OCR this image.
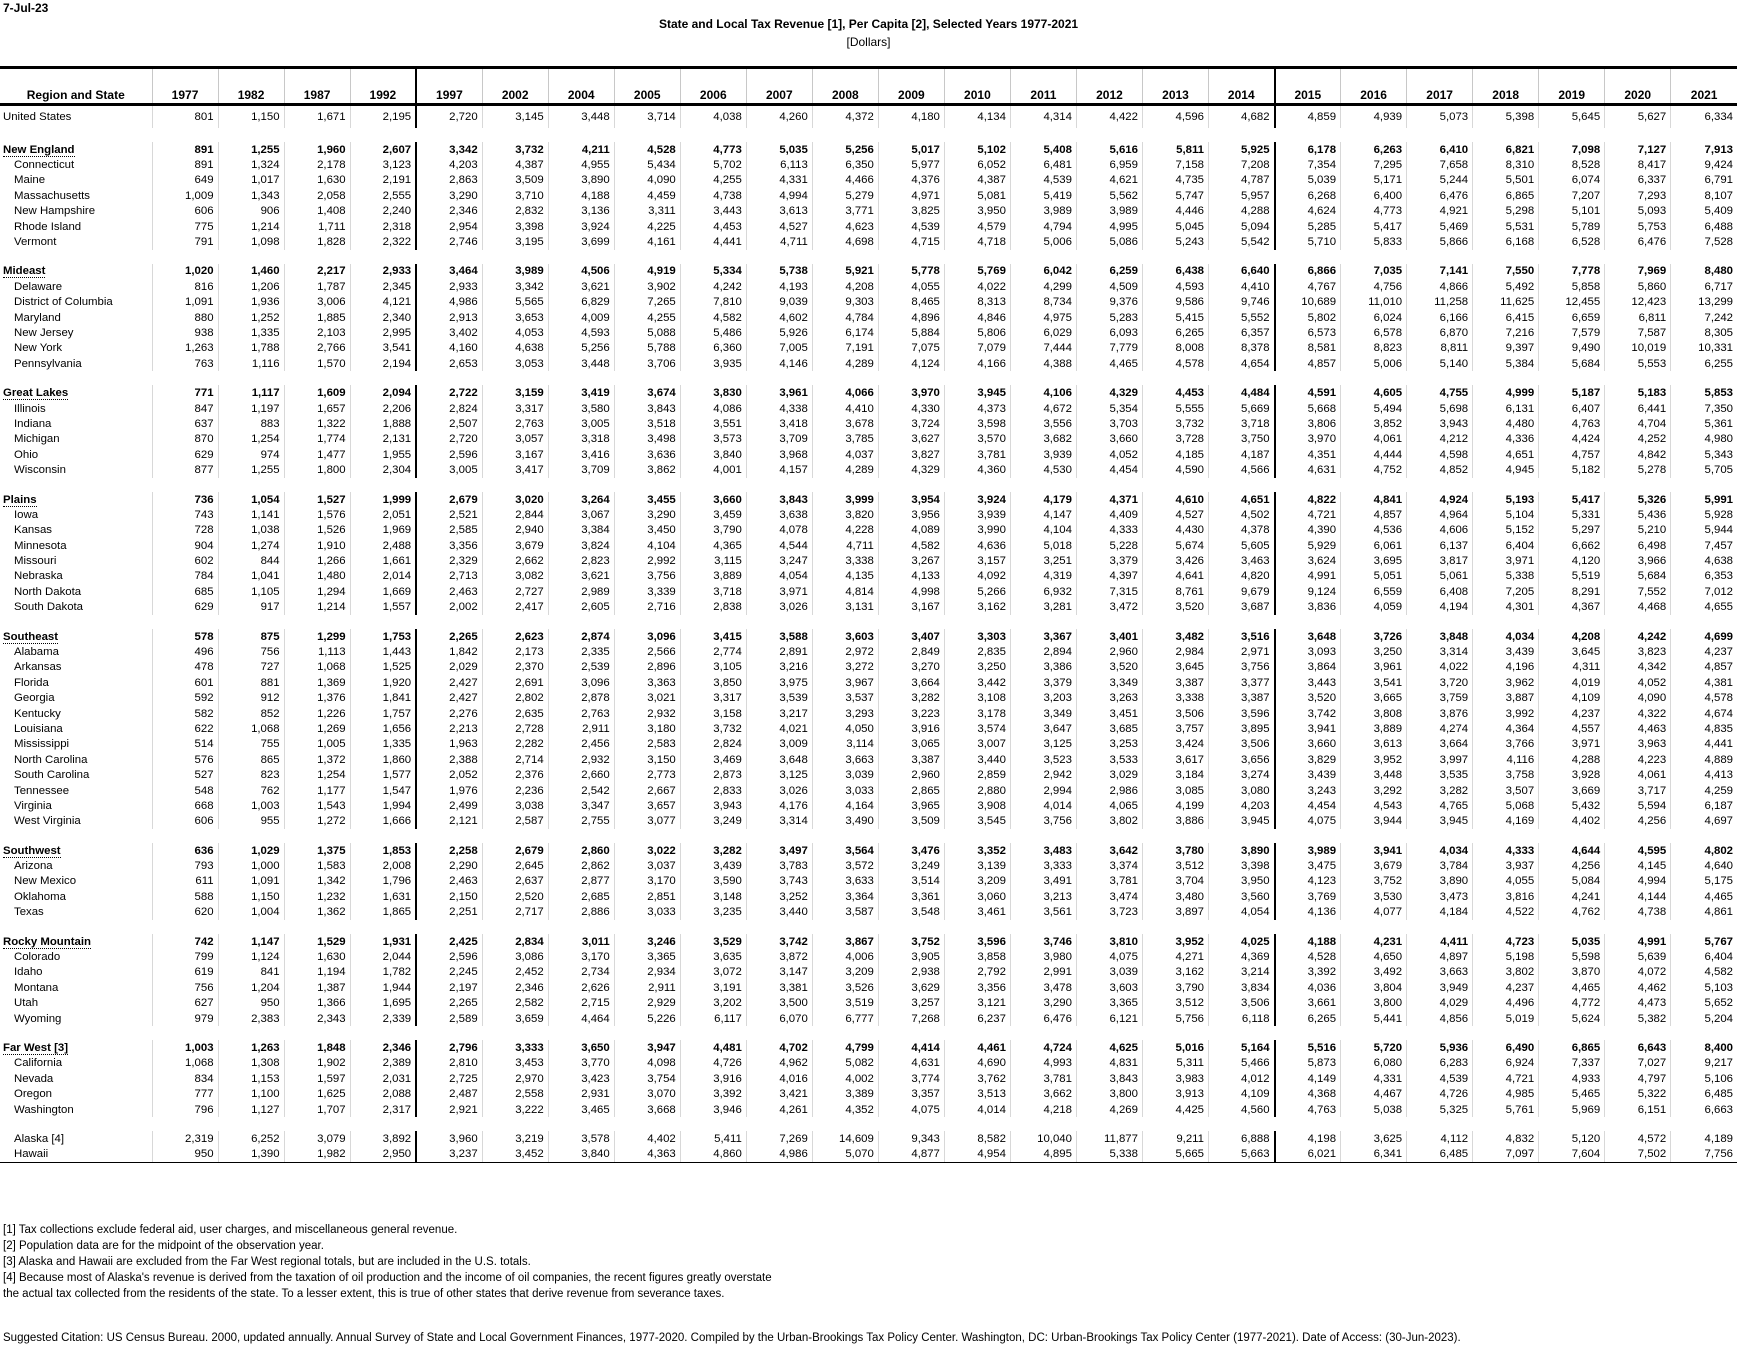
7-Jul-23
State and Local Tax Revenue [1], Per Capita [2], Selected Years 1977-2021
[Dollars]
Region and State	1977	1982	1987	1992	1997	2002	2004	2005	2006	2007	2008	2009	2010	2011	2012	2013	2014	2015	2016	2017	2018	2019	2020	2021
United States	801	1,150	1,671	2,195	2,720	3,145	3,448	3,714	4,038	4,260	4,372	4,180	4,134	4,314	4,422	4,596	4,682	4,859	4,939	5,073	5,398	5,645	5,627	6,334

New England	891	1,255	1,960	2,607	3,342	3,732	4,211	4,528	4,773	5,035	5,256	5,017	5,102	5,408	5,616	5,811	5,925	6,178	6,263	6,410	6,821	7,098	7,127	7,913
Connecticut	891	1,324	2,178	3,123	4,203	4,387	4,955	5,434	5,702	6,113	6,350	5,977	6,052	6,481	6,959	7,158	7,208	7,354	7,295	7,658	8,310	8,528	8,417	9,424
Maine	649	1,017	1,630	2,191	2,863	3,509	3,890	4,090	4,255	4,331	4,466	4,376	4,387	4,539	4,621	4,735	4,787	5,039	5,171	5,244	5,501	6,074	6,337	6,791
Massachusetts	1,009	1,343	2,058	2,555	3,290	3,710	4,188	4,459	4,738	4,994	5,279	4,971	5,081	5,419	5,562	5,747	5,957	6,268	6,400	6,476	6,865	7,207	7,293	8,107
New Hampshire	606	906	1,408	2,240	2,346	2,832	3,136	3,311	3,443	3,613	3,771	3,825	3,950	3,989	3,989	4,446	4,288	4,624	4,773	4,921	5,298	5,101	5,093	5,409
Rhode Island	775	1,214	1,711	2,318	2,954	3,398	3,924	4,225	4,453	4,527	4,623	4,539	4,579	4,794	4,995	5,045	5,094	5,285	5,417	5,469	5,531	5,789	5,753	6,488
Vermont	791	1,098	1,828	2,322	2,746	3,195	3,699	4,161	4,441	4,711	4,698	4,715	4,718	5,006	5,086	5,243	5,542	5,710	5,833	5,866	6,168	6,528	6,476	7,528

Mideast	1,020	1,460	2,217	2,933	3,464	3,989	4,506	4,919	5,334	5,738	5,921	5,778	5,769	6,042	6,259	6,438	6,640	6,866	7,035	7,141	7,550	7,778	7,969	8,480
Delaware	816	1,206	1,787	2,345	2,933	3,342	3,621	3,902	4,242	4,193	4,208	4,055	4,022	4,299	4,509	4,593	4,410	4,767	4,756	4,866	5,492	5,858	5,860	6,717
District of Columbia	1,091	1,936	3,006	4,121	4,986	5,565	6,829	7,265	7,810	9,039	9,303	8,465	8,313	8,734	9,376	9,586	9,746	10,689	11,010	11,258	11,625	12,455	12,423	13,299
Maryland	880	1,252	1,885	2,340	2,913	3,653	4,009	4,255	4,582	4,602	4,784	4,896	4,846	4,975	5,283	5,415	5,552	5,802	6,024	6,166	6,415	6,659	6,811	7,242
New Jersey	938	1,335	2,103	2,995	3,402	4,053	4,593	5,088	5,486	5,926	6,174	5,884	5,806	6,029	6,093	6,265	6,357	6,573	6,578	6,870	7,216	7,579	7,587	8,305
New York	1,263	1,788	2,766	3,541	4,160	4,638	5,256	5,788	6,360	7,005	7,191	7,075	7,079	7,444	7,779	8,008	8,378	8,581	8,823	8,811	9,397	9,490	10,019	10,331
Pennsylvania	763	1,116	1,570	2,194	2,653	3,053	3,448	3,706	3,935	4,146	4,289	4,124	4,166	4,388	4,465	4,578	4,654	4,857	5,006	5,140	5,384	5,684	5,553	6,255

Great Lakes	771	1,117	1,609	2,094	2,722	3,159	3,419	3,674	3,830	3,961	4,066	3,970	3,945	4,106	4,329	4,453	4,484	4,591	4,605	4,755	4,999	5,187	5,183	5,853
Illinois	847	1,197	1,657	2,206	2,824	3,317	3,580	3,843	4,086	4,338	4,410	4,330	4,373	4,672	5,354	5,555	5,669	5,668	5,494	5,698	6,131	6,407	6,441	7,350
Indiana	637	883	1,322	1,888	2,507	2,763	3,005	3,518	3,551	3,418	3,678	3,724	3,598	3,556	3,703	3,732	3,718	3,806	3,852	3,943	4,480	4,763	4,704	5,361
Michigan	870	1,254	1,774	2,131	2,720	3,057	3,318	3,498	3,573	3,709	3,785	3,627	3,570	3,682	3,660	3,728	3,750	3,970	4,061	4,212	4,336	4,424	4,252	4,980
Ohio	629	974	1,477	1,955	2,596	3,167	3,416	3,636	3,840	3,968	4,037	3,827	3,781	3,939	4,052	4,185	4,187	4,351	4,444	4,598	4,651	4,757	4,842	5,343
Wisconsin	877	1,255	1,800	2,304	3,005	3,417	3,709	3,862	4,001	4,157	4,289	4,329	4,360	4,530	4,454	4,590	4,566	4,631	4,752	4,852	4,945	5,182	5,278	5,705

Plains	736	1,054	1,527	1,999	2,679	3,020	3,264	3,455	3,660	3,843	3,999	3,954	3,924	4,179	4,371	4,610	4,651	4,822	4,841	4,924	5,193	5,417	5,326	5,991
Iowa	743	1,141	1,576	2,051	2,521	2,844	3,067	3,290	3,459	3,638	3,820	3,956	3,939	4,147	4,409	4,527	4,502	4,721	4,857	4,964	5,104	5,331	5,436	5,928
Kansas	728	1,038	1,526	1,969	2,585	2,940	3,384	3,450	3,790	4,078	4,228	4,089	3,990	4,104	4,333	4,430	4,378	4,390	4,536	4,606	5,152	5,297	5,210	5,944
Minnesota	904	1,274	1,910	2,488	3,356	3,679	3,824	4,104	4,365	4,544	4,711	4,582	4,636	5,018	5,228	5,674	5,605	5,929	6,061	6,137	6,404	6,662	6,498	7,457
Missouri	602	844	1,266	1,661	2,329	2,662	2,823	2,992	3,115	3,247	3,338	3,267	3,157	3,251	3,379	3,426	3,463	3,624	3,695	3,817	3,971	4,120	3,966	4,638
Nebraska	784	1,041	1,480	2,014	2,713	3,082	3,621	3,756	3,889	4,054	4,135	4,133	4,092	4,319	4,397	4,641	4,820	4,991	5,051	5,061	5,338	5,519	5,684	6,353
North Dakota	685	1,105	1,294	1,669	2,463	2,727	2,989	3,339	3,718	3,971	4,814	4,998	5,266	6,932	7,315	8,761	9,679	9,124	6,559	6,408	7,205	8,291	7,552	7,012
South Dakota	629	917	1,214	1,557	2,002	2,417	2,605	2,716	2,838	3,026	3,131	3,167	3,162	3,281	3,472	3,520	3,687	3,836	4,059	4,194	4,301	4,367	4,468	4,655

Southeast	578	875	1,299	1,753	2,265	2,623	2,874	3,096	3,415	3,588	3,603	3,407	3,303	3,367	3,401	3,482	3,516	3,648	3,726	3,848	4,034	4,208	4,242	4,699
Alabama	496	756	1,113	1,443	1,842	2,173	2,335	2,566	2,774	2,891	2,972	2,849	2,835	2,894	2,960	2,984	2,971	3,093	3,250	3,314	3,439	3,645	3,823	4,237
Arkansas	478	727	1,068	1,525	2,029	2,370	2,539	2,896	3,105	3,216	3,272	3,270	3,250	3,386	3,520	3,645	3,756	3,864	3,961	4,022	4,196	4,311	4,342	4,857
Florida	601	881	1,369	1,920	2,427	2,691	3,096	3,363	3,850	3,975	3,967	3,664	3,442	3,379	3,349	3,387	3,377	3,443	3,541	3,720	3,962	4,019	4,052	4,381
Georgia	592	912	1,376	1,841	2,427	2,802	2,878	3,021	3,317	3,539	3,537	3,282	3,108	3,203	3,263	3,338	3,387	3,520	3,665	3,759	3,887	4,109	4,090	4,578
Kentucky	582	852	1,226	1,757	2,276	2,635	2,763	2,932	3,158	3,217	3,293	3,223	3,178	3,349	3,451	3,506	3,596	3,742	3,808	3,876	3,992	4,237	4,322	4,674
Louisiana	622	1,068	1,269	1,656	2,213	2,728	2,911	3,180	3,732	4,021	4,050	3,916	3,574	3,647	3,685	3,757	3,895	3,941	3,889	4,274	4,364	4,557	4,463	4,835
Mississippi	514	755	1,005	1,335	1,963	2,282	2,456	2,583	2,824	3,009	3,114	3,065	3,007	3,125	3,253	3,424	3,506	3,660	3,613	3,664	3,766	3,971	3,963	4,441
North Carolina	576	865	1,372	1,860	2,388	2,714	2,932	3,150	3,469	3,648	3,663	3,387	3,440	3,523	3,533	3,617	3,656	3,829	3,952	3,997	4,116	4,288	4,223	4,889
South Carolina	527	823	1,254	1,577	2,052	2,376	2,660	2,773	2,873	3,125	3,039	2,960	2,859	2,942	3,029	3,184	3,274	3,439	3,448	3,535	3,758	3,928	4,061	4,413
Tennessee	548	762	1,177	1,547	1,976	2,236	2,542	2,667	2,833	3,026	3,033	2,865	2,880	2,994	2,986	3,085	3,080	3,243	3,292	3,282	3,507	3,669	3,717	4,259
Virginia	668	1,003	1,543	1,994	2,499	3,038	3,347	3,657	3,943	4,176	4,164	3,965	3,908	4,014	4,065	4,199	4,203	4,454	4,543	4,765	5,068	5,432	5,594	6,187
West Virginia	606	955	1,272	1,666	2,121	2,587	2,755	3,077	3,249	3,314	3,490	3,509	3,545	3,756	3,802	3,886	3,945	4,075	3,944	3,945	4,169	4,402	4,256	4,697

Southwest	636	1,029	1,375	1,853	2,258	2,679	2,860	3,022	3,282	3,497	3,564	3,476	3,352	3,483	3,642	3,780	3,890	3,989	3,941	4,034	4,333	4,644	4,595	4,802
Arizona	793	1,000	1,583	2,008	2,290	2,645	2,862	3,037	3,439	3,783	3,572	3,249	3,139	3,333	3,374	3,512	3,398	3,475	3,679	3,784	3,937	4,256	4,145	4,640
New Mexico	611	1,091	1,342	1,796	2,463	2,637	2,877	3,170	3,590	3,743	3,633	3,514	3,209	3,491	3,781	3,704	3,950	4,123	3,752	3,890	4,055	5,084	4,994	5,175
Oklahoma	588	1,150	1,232	1,631	2,150	2,520	2,685	2,851	3,148	3,252	3,364	3,361	3,060	3,213	3,474	3,480	3,560	3,769	3,530	3,473	3,816	4,241	4,144	4,465
Texas	620	1,004	1,362	1,865	2,251	2,717	2,886	3,033	3,235	3,440	3,587	3,548	3,461	3,561	3,723	3,897	4,054	4,136	4,077	4,184	4,522	4,762	4,738	4,861

Rocky Mountain	742	1,147	1,529	1,931	2,425	2,834	3,011	3,246	3,529	3,742	3,867	3,752	3,596	3,746	3,810	3,952	4,025	4,188	4,231	4,411	4,723	5,035	4,991	5,767
Colorado	799	1,124	1,630	2,044	2,596	3,086	3,170	3,365	3,635	3,872	4,006	3,905	3,858	3,980	4,075	4,271	4,369	4,528	4,650	4,897	5,198	5,598	5,639	6,404
Idaho	619	841	1,194	1,782	2,245	2,452	2,734	2,934	3,072	3,147	3,209	2,938	2,792	2,991	3,039	3,162	3,214	3,392	3,492	3,663	3,802	3,870	4,072	4,582
Montana	756	1,204	1,387	1,944	2,197	2,346	2,626	2,911	3,191	3,381	3,526	3,629	3,356	3,478	3,603	3,790	3,834	4,036	3,804	3,949	4,237	4,465	4,462	5,103
Utah	627	950	1,366	1,695	2,265	2,582	2,715	2,929	3,202	3,500	3,519	3,257	3,121	3,290	3,365	3,512	3,506	3,661	3,800	4,029	4,496	4,772	4,473	5,652
Wyoming	979	2,383	2,343	2,339	2,589	3,659	4,464	5,226	6,117	6,070	6,777	7,268	6,237	6,476	6,121	5,756	6,118	6,265	5,441	4,856	5,019	5,624	5,382	5,204

Far West [3]	1,003	1,263	1,848	2,346	2,796	3,333	3,650	3,947	4,481	4,702	4,799	4,414	4,461	4,724	4,625	5,016	5,164	5,516	5,720	5,936	6,490	6,865	6,643	8,400
California	1,068	1,308	1,902	2,389	2,810	3,453	3,770	4,098	4,726	4,962	5,082	4,631	4,690	4,993	4,831	5,311	5,466	5,873	6,080	6,283	6,924	7,337	7,027	9,217
Nevada	834	1,153	1,597	2,031	2,725	2,970	3,423	3,754	3,916	4,016	4,002	3,774	3,762	3,781	3,843	3,983	4,012	4,149	4,331	4,539	4,721	4,933	4,797	5,106
Oregon	777	1,100	1,625	2,088	2,487	2,558	2,931	3,070	3,392	3,421	3,389	3,357	3,513	3,662	3,800	3,913	4,109	4,368	4,467	4,726	4,985	5,465	5,322	6,485
Washington	796	1,127	1,707	2,317	2,921	3,222	3,465	3,668	3,946	4,261	4,352	4,075	4,014	4,218	4,269	4,425	4,560	4,763	5,038	5,325	5,761	5,969	6,151	6,663

Alaska [4]	2,319	6,252	3,079	3,892	3,960	3,219	3,578	4,402	5,411	7,269	14,609	9,343	8,582	10,040	11,877	9,211	6,888	4,198	3,625	4,112	4,832	5,120	4,572	4,189
Hawaii	950	1,390	1,982	2,950	3,237	3,452	3,840	4,363	4,860	4,986	5,070	4,877	4,954	4,895	5,338	5,665	5,663	6,021	6,341	6,485	7,097	7,604	7,502	7,756
[1] Tax collections exclude federal aid, user charges, and miscellaneous general revenue.
[2] Population data are for the midpoint of the observation year.
[3] Alaska and Hawaii are excluded from the Far West regional totals, but are included in the U.S. totals.
[4] Because most of Alaska's revenue is derived from the taxation of oil production and the income of oil companies, the recent figures greatly overstate
the actual tax collected from the residents of the state. To a lesser extent, this is true of other states that derive revenue from severance taxes.
Suggested Citation: US Census Bureau. 2000, updated annually. Annual Survey of State and Local Government Finances, 1977-2020. Compiled by the Urban-Brookings Tax Policy Center. Washington, DC: Urban-Brookings Tax Policy Center (1977-2021). Date of Access: (30-Jun-2023).
